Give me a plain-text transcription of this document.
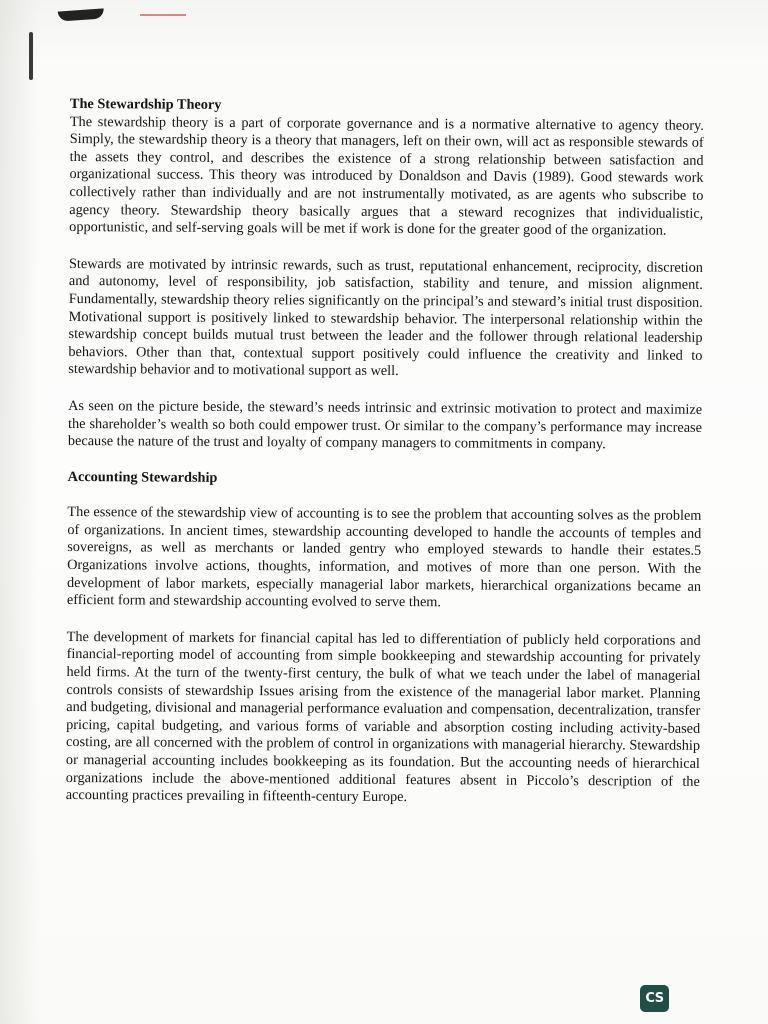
The Stewardship Theory

The stewardship theory is a part of corporate governance and is a normative alternative to agency theory. Simply, the stewardship theory is a theory that managers, left on their own, will act as responsible stewards of the assets they control, and describes the existence of a strong relationship between satisfaction and organizational success. This theory was introduced by Donaldson and Davis (1989). Good stewards work collectively rather than individually and are not instrumentally motivated, as are agents who subscribe to agency theory. Stewardship theory basically argues that a steward recognizes that individualistic, opportunistic, and self-serving goals will be met if work is done for the greater good of the organization.

Stewards are motivated by intrinsic rewards, such as trust, reputational enhancement, reciprocity, discretion and autonomy, level of responsibility, job satisfaction, stability and tenure, and mission alignment. Fundamentally, stewardship theory relies significantly on the principal’s and steward’s initial trust disposition. Motivational support is positively linked to stewardship behavior. The interpersonal relationship within the stewardship concept builds mutual trust between the leader and the follower through relational leadership behaviors. Other than that, contextual support positively could influence the creativity and linked to stewardship behavior and to motivational support as well.

As seen on the picture beside, the steward’s needs intrinsic and extrinsic motivation to protect and maximize the shareholder’s wealth so both could empower trust. Or similar to the company’s performance may increase because the nature of the trust and loyalty of company managers to commitments in company.

Accounting Stewardship

The essence of the stewardship view of accounting is to see the problem that accounting solves as the problem of organizations. In ancient times, stewardship accounting developed to handle the accounts of temples and sovereigns, as well as merchants or landed gentry who employed stewards to handle their estates.5 Organizations involve actions, thoughts, information, and motives of more than one person. With the development of labor markets, especially managerial labor markets, hierarchical organizations became an efficient form and stewardship accounting evolved to serve them.

The development of markets for financial capital has led to differentiation of publicly held corporations and financial-reporting model of accounting from simple bookkeeping and stewardship accounting for privately held firms. At the turn of the twenty-first century, the bulk of what we teach under the label of managerial controls consists of stewardship Issues arising from the existence of the managerial labor market. Planning and budgeting, divisional and managerial performance evaluation and compensation, decentralization, transfer pricing, capital budgeting, and various forms of variable and absorption costing including activity-based costing, are all concerned with the problem of control in organizations with managerial hierarchy. Stewardship or managerial accounting includes bookkeeping as its foundation. But the accounting needs of hierarchical organizations include the above-mentioned additional features absent in Piccolo’s description of the accounting practices prevailing in fifteenth-century Europe.

CS
